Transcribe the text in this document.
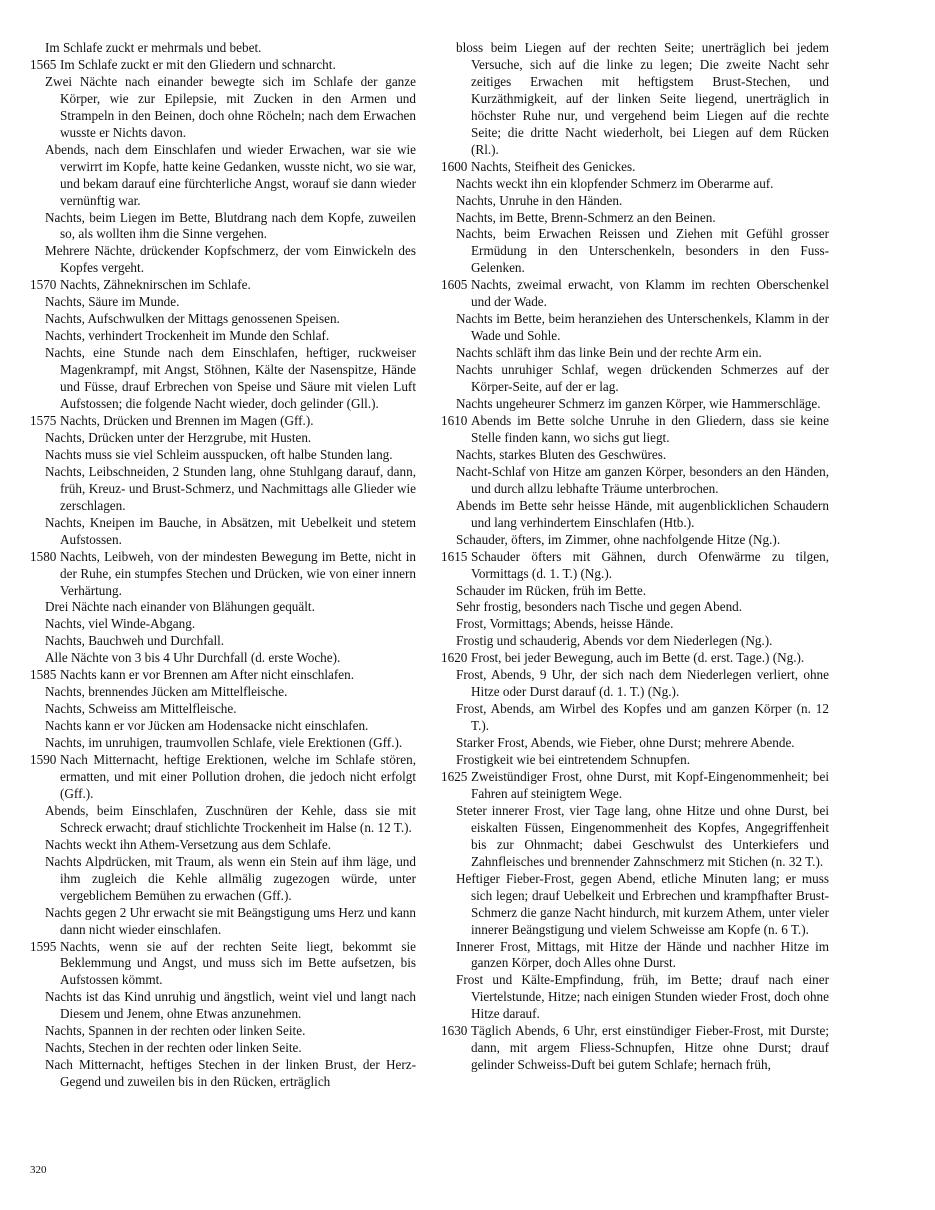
Im Schlafe zuckt er mehrmals und bebet.

1565 Im Schlafe zuckt er mit den Gliedern und schnarcht.

Zwei Nächte nach einander bewegte sich im Schlafe der ganze Körper, wie zur Epilepsie, mit Zucken in den Armen und Strampeln in den Beinen, doch ohne Röcheln; nach dem Erwachen wusste er Nichts davon.

Abends, nach dem Einschlafen und wieder Erwachen, war sie wie verwirrt im Kopfe, hatte keine Gedanken, wusste nicht, wo sie war, und bekam darauf eine fürchterliche Angst, worauf sie dann wieder vernünftig war.

Nachts, beim Liegen im Bette, Blutdrang nach dem Kopfe, zuweilen so, als wollten ihm die Sinne vergehen.

Mehrere Nächte, drückender Kopfschmerz, der vom Einwickeln des Kopfes vergeht.

1570 Nachts, Zähneknirschen im Schlafe.

Nachts, Säure im Munde.

Nachts, Aufschwulken der Mittags genossenen Speisen.

Nachts, verhindert Trockenheit im Munde den Schlaf.

Nachts, eine Stunde nach dem Einschlafen, heftiger, ruckweiser Magenkrampf, mit Angst, Stöhnen, Kälte der Nasenspitze, Hände und Füsse, drauf Erbrechen von Speise und Säure mit vielen Luft Aufstossen; die folgende Nacht wieder, doch gelinder (Gll.).

1575 Nachts, Drücken und Brennen im Magen (Gff.).

Nachts, Drücken unter der Herzgrube, mit Husten.

Nachts muss sie viel Schleim ausspucken, oft halbe Stunden lang.

Nachts, Leibschneiden, 2 Stunden lang, ohne Stuhlgang darauf, dann, früh, Kreuz- und Brust-Schmerz, und Nachmittags alle Glieder wie zerschlagen.

Nachts, Kneipen im Bauche, in Absätzen, mit Uebelkeit und stetem Aufstossen.

1580 Nachts, Leibweh, von der mindesten Bewegung im Bette, nicht in der Ruhe, ein stumpfes Stechen und Drücken, wie von einer innern Verhärtung.

Drei Nächte nach einander von Blähungen gequält.

Nachts, viel Winde-Abgang.

Nachts, Bauchweh und Durchfall.

Alle Nächte von 3 bis 4 Uhr Durchfall (d. erste Woche).

1585 Nachts kann er vor Brennen am After nicht einschlafen.

Nachts, brennendes Jücken am Mittelfleische.

Nachts, Schweiss am Mittelfleische.

Nachts kann er vor Jücken am Hodensacke nicht einschlafen.

Nachts, im unruhigen, traumvollen Schlafe, viele Erektionen (Gff.).

1590 Nach Mitternacht, heftige Erektionen, welche im Schlafe stören, ermatten, und mit einer Pollution drohen, die jedoch nicht erfolgt (Gff.).

Abends, beim Einschlafen, Zuschnüren der Kehle, dass sie mit Schreck erwacht; drauf stichlichte Trockenheit im Halse (n. 12 T.).

Nachts weckt ihn Athem-Versetzung aus dem Schlafe.

Nachts Alpdrücken, mit Traum, als wenn ein Stein auf ihm läge, und ihm zugleich die Kehle allmälig zugezogen würde, unter vergeblichem Bemühen zu erwachen (Gff.).

Nachts gegen 2 Uhr erwacht sie mit Beängstigung ums Herz und kann dann nicht wieder einschlafen.

1595 Nachts, wenn sie auf der rechten Seite liegt, bekommt sie Beklemmung und Angst, und muss sich im Bette aufsetzen, bis Aufstossen kömmt.

Nachts ist das Kind unruhig und ängstlich, weint viel und langt nach Diesem und Jenem, ohne Etwas anzunehmen.

Nachts, Spannen in der rechten oder linken Seite.

Nachts, Stechen in der rechten oder linken Seite.

Nach Mitternacht, heftiges Stechen in der linken Brust, der Herz-Gegend und zuweilen bis in den Rücken, erträglich

bloss beim Liegen auf der rechten Seite; unerträglich bei jedem Versuche, sich auf die linke zu legen; Die zweite Nacht sehr zeitiges Erwachen mit heftigstem Brust-Stechen, und Kurzäthmigkeit, auf der linken Seite liegend, unerträglich in höchster Ruhe nur, und vergehend beim Liegen auf die rechte Seite; die dritte Nacht wiederholt, bei Liegen auf dem Rücken (Rl.).

1600 Nachts, Steifheit des Genickes.

Nachts weckt ihn ein klopfender Schmerz im Oberarme auf.

Nachts, Unruhe in den Händen.

Nachts, im Bette, Brenn-Schmerz an den Beinen.

Nachts, beim Erwachen Reissen und Ziehen mit Gefühl grosser Ermüdung in den Unterschenkeln, besonders in den Fuss-Gelenken.

1605 Nachts, zweimal erwacht, von Klamm im rechten Oberschenkel und der Wade.

Nachts im Bette, beim heranziehen des Unterschenkels, Klamm in der Wade und Sohle.

Nachts schläft ihm das linke Bein und der rechte Arm ein.

Nachts unruhiger Schlaf, wegen drückenden Schmerzes auf der Körper-Seite, auf der er lag.

Nachts ungeheurer Schmerz im ganzen Körper, wie Hammerschläge.

1610 Abends im Bette solche Unruhe in den Gliedern, dass sie keine Stelle finden kann, wo sichs gut liegt.

Nachts, starkes Bluten des Geschwüres.

Nacht-Schlaf von Hitze am ganzen Körper, besonders an den Händen, und durch allzu lebhafte Träume unterbrochen.

Abends im Bette sehr heisse Hände, mit augenblicklichen Schaudern und lang verhindertem Einschlafen (Htb.).

Schauder, öfters, im Zimmer, ohne nachfolgende Hitze (Ng.).

1615 Schauder öfters mit Gähnen, durch Ofenwärme zu tilgen, Vormittags (d. 1. T.) (Ng.).

Schauder im Rücken, früh im Bette.

Sehr frostig, besonders nach Tische und gegen Abend.

Frost, Vormittags; Abends, heisse Hände.

Frostig und schauderig, Abends vor dem Niederlegen (Ng.).

1620 Frost, bei jeder Bewegung, auch im Bette (d. erst. Tage.) (Ng.).

Frost, Abends, 9 Uhr, der sich nach dem Niederlegen verliert, ohne Hitze oder Durst darauf (d. 1. T.) (Ng.).

Frost, Abends, am Wirbel des Kopfes und am ganzen Körper (n. 12 T.).

Starker Frost, Abends, wie Fieber, ohne Durst; mehrere Abende.

Frostigkeit wie bei eintretendem Schnupfen.

1625 Zweistündiger Frost, ohne Durst, mit Kopf-Eingenommenheit; bei Fahren auf steinigtem Wege.

Steter innerer Frost, vier Tage lang, ohne Hitze und ohne Durst, bei eiskalten Füssen, Eingenommenheit des Kopfes, Angegriffenheit bis zur Ohnmacht; dabei Geschwulst des Unterkiefers und Zahnfleisches und brennender Zahnschmerz mit Stichen (n. 32 T.).

Heftiger Fieber-Frost, gegen Abend, etliche Minuten lang; er muss sich legen; drauf Uebelkeit und Erbrechen und krampfhafter Brust-Schmerz die ganze Nacht hindurch, mit kurzem Athem, unter vieler innerer Beängstigung und vielem Schweisse am Kopfe (n. 6 T.).

Innerer Frost, Mittags, mit Hitze der Hände und nachher Hitze im ganzen Körper, doch Alles ohne Durst.

Frost und Kälte-Empfindung, früh, im Bette; drauf nach einer Viertelstunde, Hitze; nach einigen Stunden wieder Frost, doch ohne Hitze darauf.

1630 Täglich Abends, 6 Uhr, erst einstündiger Fieber-Frost, mit Durste; dann, mit argem Fliess-Schnupfen, Hitze ohne Durst; drauf gelinder Schweiss-Duft bei gutem Schlafe; hernach früh,

320
